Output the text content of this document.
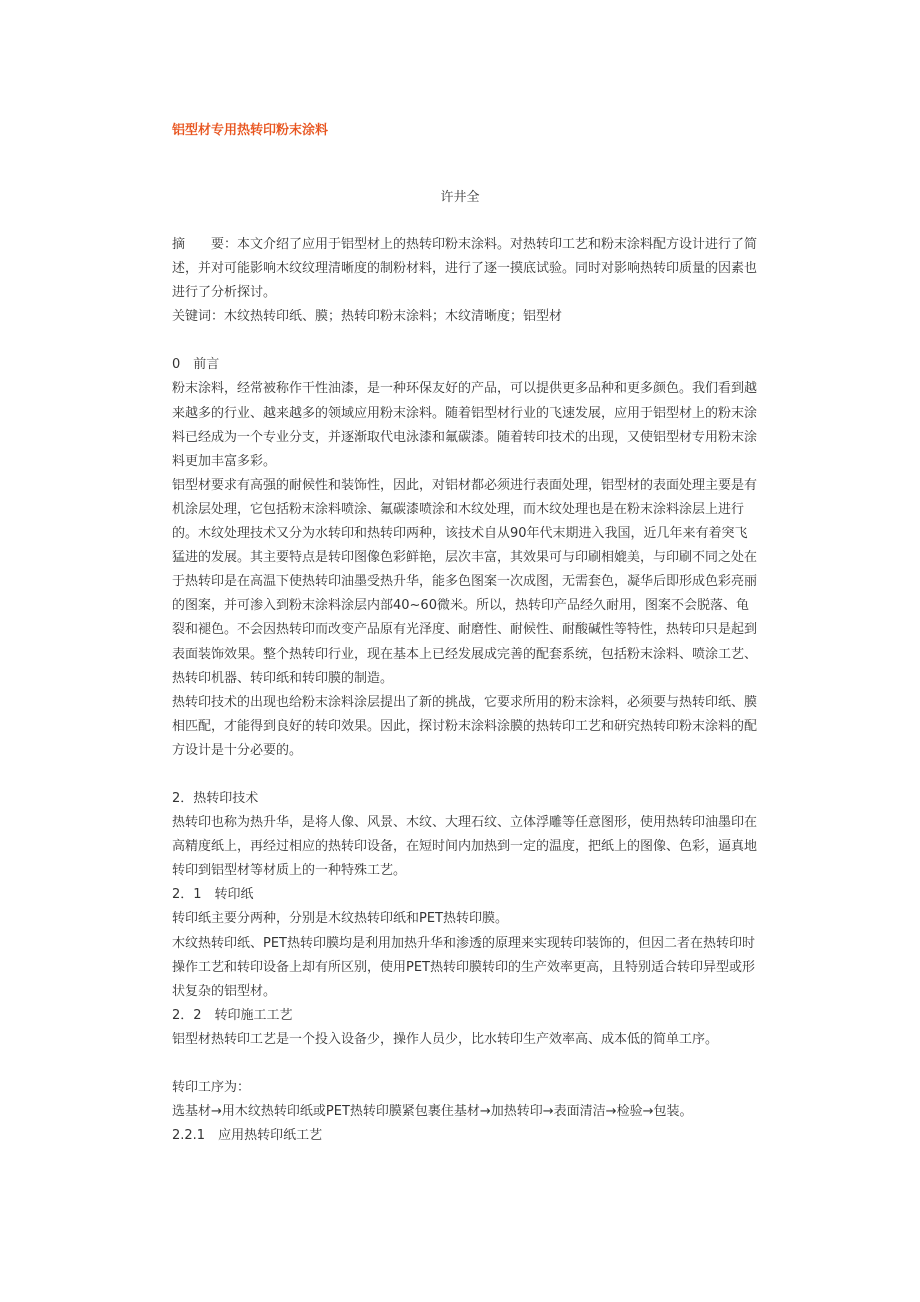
铝型材专用热转印粉末涂料

许井全

摘　　要：本文介绍了应用于铝型材上的热转印粉末涂料。对热转印工艺和粉末涂料配方设计进行了简述，并对可能影响木纹纹理清晰度的制粉材料，进行了逐一摸底试验。同时对影响热转印质量的因素也进行了分析探讨。

关键词：木纹热转印纸、膜；热转印粉末涂料；木纹清晰度；铝型材

0　前言

粉末涂料，经常被称作干性油漆，是一种环保友好的产品，可以提供更多品种和更多颜色。我们看到越来越多的行业、越来越多的领域应用粉末涂料。随着铝型材行业的飞速发展，应用于铝型材上的粉末涂料已经成为一个专业分支，并逐渐取代电泳漆和氟碳漆。随着转印技术的出现，又使铝型材专用粉末涂料更加丰富多彩。

铝型材要求有高强的耐候性和装饰性，因此，对铝材都必须进行表面处理，铝型材的表面处理主要是有机涂层处理，它包括粉末涂料喷涂、氟碳漆喷涂和木纹处理，而木纹处理也是在粉末涂料涂层上进行的。木纹处理技术又分为水转印和热转印两种，该技术自从90年代末期进入我国，近几年来有着突飞猛进的发展。其主要特点是转印图像色彩鲜艳，层次丰富，其效果可与印刷相媲美，与印刷不同之处在于热转印是在高温下使热转印油墨受热升华，能多色图案一次成图，无需套色，凝华后即形成色彩亮丽的图案，并可渗入到粉末涂料涂层内部40~60微米。所以，热转印产品经久耐用，图案不会脱落、龟裂和褪色。不会因热转印而改变产品原有光泽度、耐磨性、耐候性、耐酸碱性等特性，热转印只是起到表面装饰效果。整个热转印行业，现在基本上已经发展成完善的配套系统，包括粉末涂料、喷涂工艺、热转印机器、转印纸和转印膜的制造。

热转印技术的出现也给粉末涂料涂层提出了新的挑战，它要求所用的粉末涂料，必须要与热转印纸、膜相匹配，才能得到良好的转印效果。因此，探讨粉末涂料涂膜的热转印工艺和研究热转印粉末涂料的配方设计是十分必要的。

2．热转印技术

热转印也称为热升华，是将人像、风景、木纹、大理石纹、立体浮雕等任意图形，使用热转印油墨印在高精度纸上，再经过相应的热转印设备，在短时间内加热到一定的温度，把纸上的图像、色彩，逼真地转印到铝型材等材质上的一种特殊工艺。

2．1　转印纸

转印纸主要分两种，分别是木纹热转印纸和PET热转印膜。

木纹热转印纸、PET热转印膜均是利用加热升华和渗透的原理来实现转印装饰的，但因二者在热转印时操作工艺和转印设备上却有所区别，使用PET热转印膜转印的生产效率更高，且特别适合转印异型或形状复杂的铝型材。

2．2　转印施工工艺

铝型材热转印工艺是一个投入设备少，操作人员少，比水转印生产效率高、成本低的简单工序。

转印工序为：

选基材→用木纹热转印纸或PET热转印膜紧包裹住基材→加热转印→表面清洁→检验→包装。

2.2.1　应用热转印纸工艺
